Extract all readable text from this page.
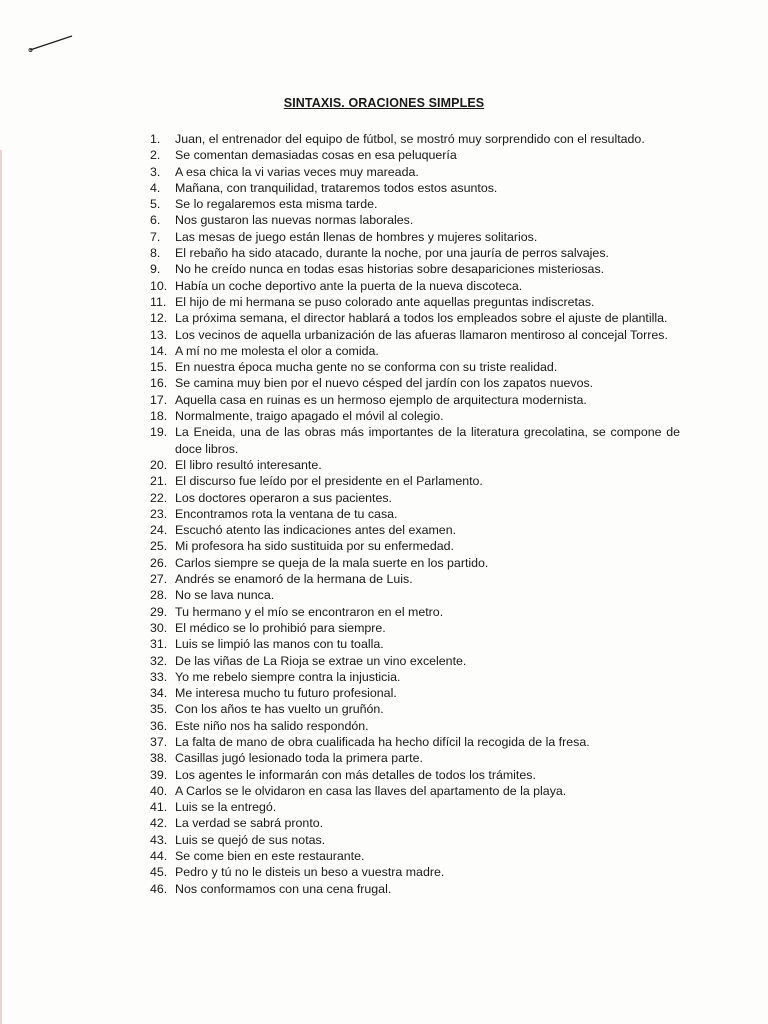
SINTAXIS. ORACIONES SIMPLES
1.	Juan, el entrenador del equipo de fútbol, se mostró muy sorprendido con el resultado.
2.	Se comentan demasiadas cosas en esa peluquería
3.	A esa chica la vi varias veces muy mareada.
4.	Mañana, con tranquilidad, trataremos todos estos asuntos.
5.	Se lo regalaremos esta misma tarde.
6.	Nos gustaron las nuevas normas laborales.
7.	Las mesas de juego están llenas de hombres y mujeres solitarios.
8.	El rebaño ha sido atacado, durante la noche, por una jauría de perros salvajes.
9.	No he creído nunca en todas esas historias sobre desapariciones misteriosas.
10. Había un coche deportivo ante la puerta de la nueva discoteca.
11. El hijo de mi hermana se puso colorado ante aquellas preguntas indiscretas.
12. La próxima semana, el director hablará a todos los empleados sobre el ajuste de plantilla.
13. Los vecinos de aquella urbanización de las afueras llamaron mentiroso al concejal Torres.
14. A mí no me molesta el olor a comida.
15. En nuestra época mucha gente no se conforma con su triste realidad.
16. Se camina muy bien por el nuevo césped del jardín con los zapatos nuevos.
17. Aquella casa en ruinas es un hermoso ejemplo de arquitectura modernista.
18. Normalmente, traigo apagado el móvil al colegio.
19. La Eneida, una de las obras más importantes de la literatura grecolatina, se compone de doce libros.
20. El libro resultó interesante.
21. El discurso fue leído por el presidente en el Parlamento.
22. Los doctores operaron a sus pacientes.
23. Encontramos rota la ventana de tu casa.
24. Escuchó atento las indicaciones antes del examen.
25. Mi profesora ha sido sustituida por su enfermedad.
26. Carlos siempre se queja de la mala suerte en los partido.
27. Andrés se enamoró de la hermana de Luis.
28. No se lava nunca.
29. Tu hermano y el mío se encontraron en el metro.
30. El médico se lo prohibió para siempre.
31. Luis se limpió las manos con tu toalla.
32. De las viñas de La Rioja se extrae un vino excelente.
33. Yo me rebelo siempre contra la injusticia.
34. Me interesa mucho tu futuro profesional.
35. Con los años te has vuelto un gruñón.
36. Este niño nos ha salido respondón.
37. La falta de mano de obra cualificada ha hecho difícil la recogida de la fresa.
38. Casillas jugó lesionado toda la primera parte.
39. Los agentes le informarán con más detalles de todos los trámites.
40. A Carlos se le olvidaron en casa las llaves del apartamento de la playa.
41. Luis se la entregó.
42. La verdad se sabrá pronto.
43. Luis se quejó de sus notas.
44. Se come bien en este restaurante.
45. Pedro y tú no le disteis un beso a vuestra madre.
46. Nos conformamos con una cena frugal.
